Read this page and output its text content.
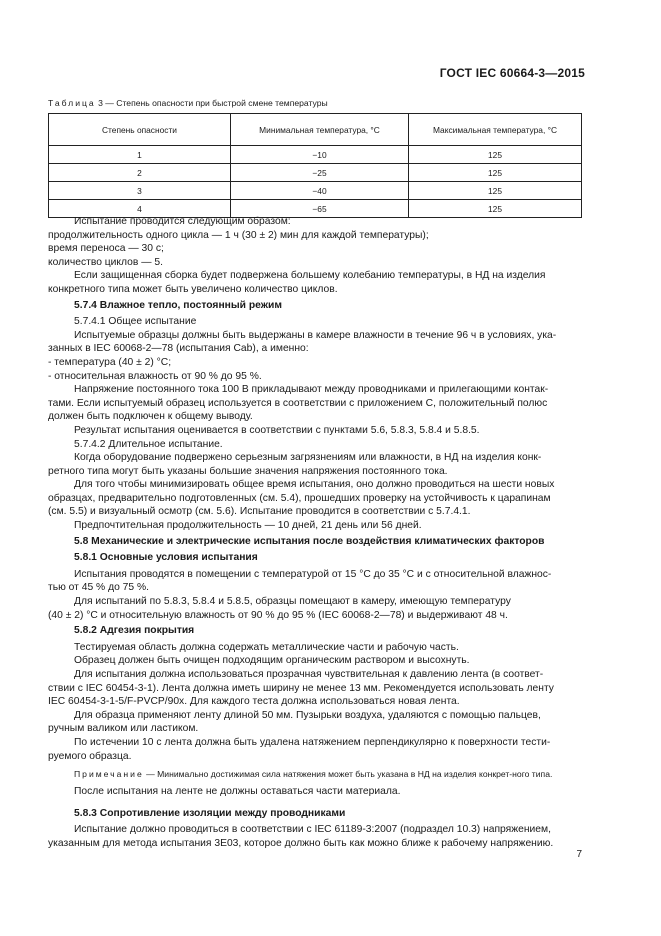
ГОСТ IEC 60664-3—2015
Таблица 3 — Степень опасности при быстрой смене температуры
Степень опасности	Минимальная температура, °С	Максимальная температура, °С
1	−10	125
2	−25	125
3	−40	125
4	−65	125

Испытание проводится следующим образом:

продолжительность одного цикла — 1 ч (30 ± 2) мин для каждой температуры);

время переноса — 30 с;

количество циклов — 5.

Если защищенная сборка будет подвержена большему колебанию температуры, в НД на изделия

конкретного типа может быть увеличено количество циклов.

5.7.4 Влажное тепло, постоянный режим

5.7.4.1 Общее испытание

Испытуемые образцы должны быть выдержаны в камере влажности в течение 96 ч в условиях, ука-

занных в IEC 60068-2—78 (испытания Cab), а именно:

- температура (40 ± 2) °C;

- относительная влажность от 90 % до 95 %.

Напряжение постоянного тока 100 В прикладывают между проводниками и прилегающими контак-

тами. Если испытуемый образец используется в соответствии с приложением С, положительный полюс

должен быть подключен к общему выводу.

Результат испытания оценивается в соответствии с пунктами 5.6, 5.8.3, 5.8.4 и 5.8.5.

5.7.4.2 Длительное испытание.

Когда оборудование подвержено серьезным загрязнениям или влажности, в НД на изделия конк-

ретного типа могут быть указаны большие значения напряжения постоянного тока.

Для того чтобы минимизировать общее время испытания, оно должно проводиться на шести новых

образцах, предварительно подготовленных (см. 5.4), прошедших проверку на устойчивость к царапинам

(см. 5.5) и визуальный осмотр (см. 5.6). Испытание проводится в соответствии с 5.7.4.1.

Предпочтительная продолжительность — 10 дней, 21 день или 56 дней.

5.8 Механические и электрические испытания после воздействия климатических факторов

5.8.1 Основные условия испытания

Испытания проводятся в помещении с температурой от 15 °С до 35 °С и с относительной влажнос-

тью от 45 % до 75 %.

Для испытаний по 5.8.3, 5.8.4 и 5.8.5, образцы помещают в камеру, имеющую температуру

(40 ± 2) °С и относительную влажность от 90 % до 95 % (IEC 60068-2—78) и выдерживают 48 ч.

5.8.2 Адгезия покрытия

Тестируемая область должна содержать металлические части и рабочую часть.

Образец должен быть очищен подходящим органическим раствором и высохнуть.

Для испытания должна использоваться прозрачная чувствительная к давлению лента (в соответ-

ствии с IEC 60454-3-1). Лента должна иметь ширину не менее 13 мм. Рекомендуется использовать ленту

IEC 60454-3-1-5/F-PVCP/90x. Для каждого теста должна использоваться новая лента.

Для образца применяют ленту длиной 50 мм. Пузырьки воздуха, удаляются с помощью пальцев,

ручным валиком или ластиком.

По истечении 10 с лента должна быть удалена натяжением перпендикулярно к поверхности тести-

руемого образца.

Примечание — Минимально достижимая сила натяжения может быть указана в НД на изделия конкрет-ного типа.

После испытания на ленте не должны оставаться части материала.

5.8.3 Сопротивление изоляции между проводниками

Испытание должно проводиться в соответствии с IEC 61189-3:2007 (подраздел 10.3) напряжением,

указанным для метода испытания 3Е03, которое должно быть как можно ближе к рабочему напряжению.

7
